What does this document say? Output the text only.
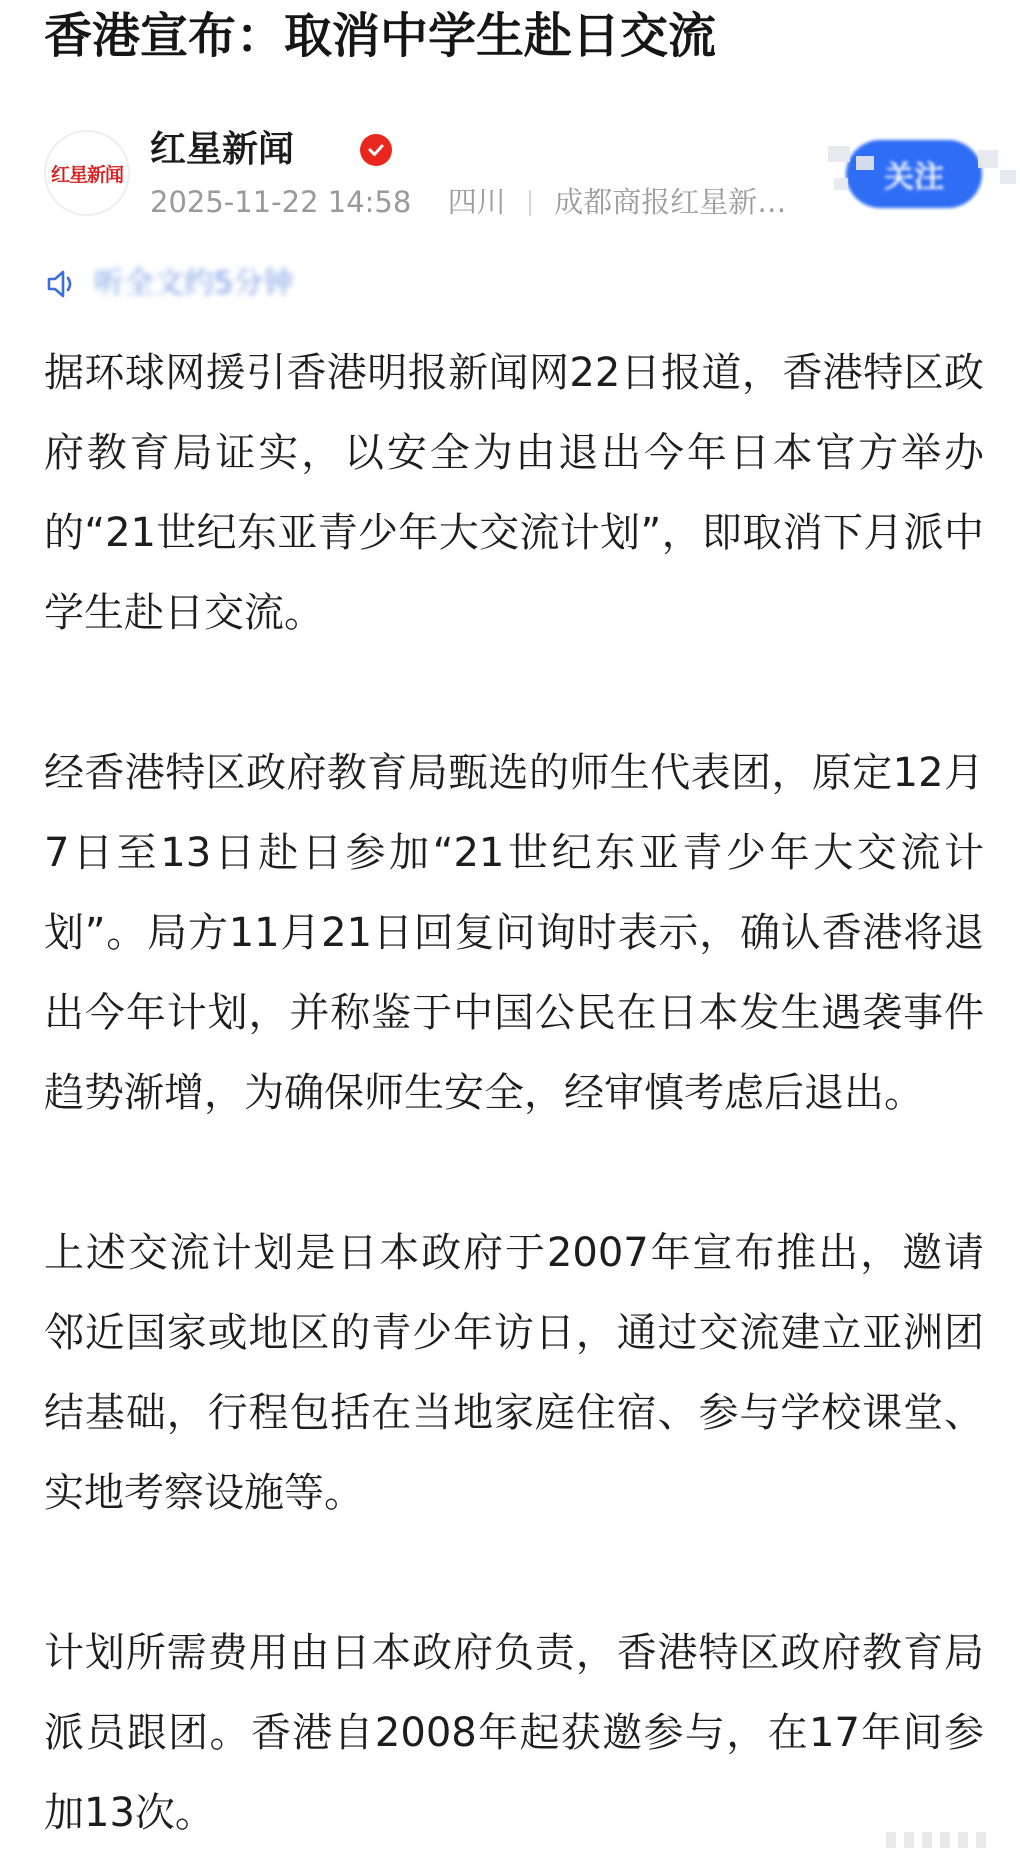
香港宣布：取消中学生赴日交流
红星新闻
红星新闻
2025-11-22 14:58 四川 成都商报红星新…
关注
听全文约5分钟

据环球网援引香港明报新闻网22日报道，香港特区政府教育局证实，以安全为由退出今年日本官方举办的“21世纪东亚青少年大交流计划”，即取消下月派中学生赴日交流。

经香港特区政府教育局甄选的师生代表团，原定12月7日至13日赴日参加“21世纪东亚青少年大交流计划”。局方11月21日回复问询时表示，确认香港将退出今年计划，并称鉴于中国公民在日本发生遇袭事件趋势渐增，为确保师生安全，经审慎考虑后退出。

上述交流计划是日本政府于2007年宣布推出，邀请邻近国家或地区的青少年访日，通过交流建立亚洲团结基础，行程包括在当地家庭住宿、参与学校课堂、实地考察设施等。

计划所需费用由日本政府负责，香港特区政府教育局派员跟团。香港自2008年起获邀参与，在17年间参加13次。
